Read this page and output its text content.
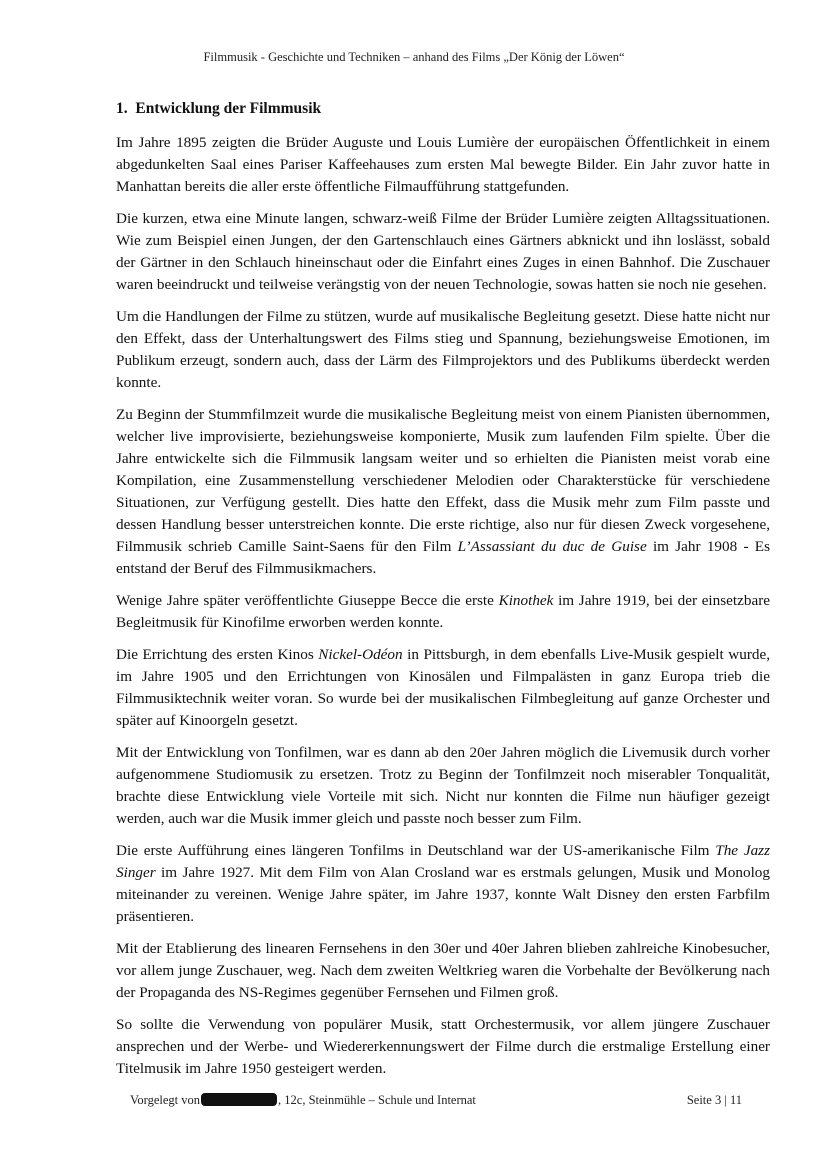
Filmmusik - Geschichte und Techniken – anhand des Films „Der König der Löwen“
1. Entwicklung der Filmmusik

Im Jahre 1895 zeigten die Brüder Auguste und Louis Lumière der europäischen Öffentlichkeit in einem abgedunkelten Saal eines Pariser Kaffeehauses zum ersten Mal bewegte Bilder. Ein Jahr zuvor hatte in Manhattan bereits die aller erste öffentliche Filmaufführung stattgefunden.

Die kurzen, etwa eine Minute langen, schwarz-weiß Filme der Brüder Lumière zeigten Alltagssituationen. Wie zum Beispiel einen Jungen, der den Gartenschlauch eines Gärtners abknickt und ihn loslässt, sobald der Gärtner in den Schlauch hineinschaut oder die Einfahrt eines Zuges in einen Bahnhof. Die Zuschauer waren beeindruckt und teilweise verängstig von der neuen Technologie, sowas hatten sie noch nie gesehen.

Um die Handlungen der Filme zu stützen, wurde auf musikalische Begleitung gesetzt. Diese hatte nicht nur den Effekt, dass der Unterhaltungswert des Films stieg und Spannung, beziehungsweise Emotionen, im Publikum erzeugt, sondern auch, dass der Lärm des Filmprojektors und des Publikums überdeckt werden konnte.

Zu Beginn der Stummfilmzeit wurde die musikalische Begleitung meist von einem Pianisten übernommen, welcher live improvisierte, beziehungsweise komponierte, Musik zum laufenden Film spielte. Über die Jahre entwickelte sich die Filmmusik langsam weiter und so erhielten die Pianisten meist vorab eine Kompilation, eine Zusammenstellung verschiedener Melodien oder Charakterstücke für verschiedene Situationen, zur Verfügung gestellt. Dies hatte den Effekt, dass die Musik mehr zum Film passte und dessen Handlung besser unterstreichen konnte. Die erste richtige, also nur für diesen Zweck vorgesehene, Filmmusik schrieb Camille Saint-Saens für den Film L’Assassiant du duc de Guise im Jahr 1908 - Es entstand der Beruf des Filmmusikmachers.

Wenige Jahre später veröffentlichte Giuseppe Becce die erste Kinothek im Jahre 1919, bei der einsetzbare Begleitmusik für Kinofilme erworben werden konnte.

Die Errichtung des ersten Kinos Nickel-Odéon in Pittsburgh, in dem ebenfalls Live-Musik gespielt wurde, im Jahre 1905 und den Errichtungen von Kinosälen und Filmpalästen in ganz Europa trieb die Filmmusiktechnik weiter voran. So wurde bei der musikalischen Filmbegleitung auf ganze Orchester und später auf Kinoorgeln gesetzt.

Mit der Entwicklung von Tonfilmen, war es dann ab den 20er Jahren möglich die Livemusik durch vorher aufgenommene Studiomusik zu ersetzen. Trotz zu Beginn der Tonfilmzeit noch miserabler Tonqualität, brachte diese Entwicklung viele Vorteile mit sich. Nicht nur konnten die Filme nun häufiger gezeigt werden, auch war die Musik immer gleich und passte noch besser zum Film.

Die erste Aufführung eines längeren Tonfilms in Deutschland war der US-amerikanische Film The Jazz Singer im Jahre 1927. Mit dem Film von Alan Crosland war es erstmals gelungen, Musik und Monolog miteinander zu vereinen. Wenige Jahre später, im Jahre 1937, konnte Walt Disney den ersten Farbfilm präsentieren.

Mit der Etablierung des linearen Fernsehens in den 30er und 40er Jahren blieben zahlreiche Kinobesucher, vor allem junge Zuschauer, weg. Nach dem zweiten Weltkrieg waren die Vorbehalte der Bevölkerung nach der Propaganda des NS-Regimes gegenüber Fernsehen und Filmen groß.

So sollte die Verwendung von populärer Musik, statt Orchestermusik, vor allem jüngere Zuschauer ansprechen und der Werbe- und Wiedererkennungswert der Filme durch die erstmalige Erstellung einer Titelmusik im Jahre 1950 gesteigert werden.

Vorgelegt von	, 12c, Steinmühle – Schule und Internat	Seite 3 | 11
